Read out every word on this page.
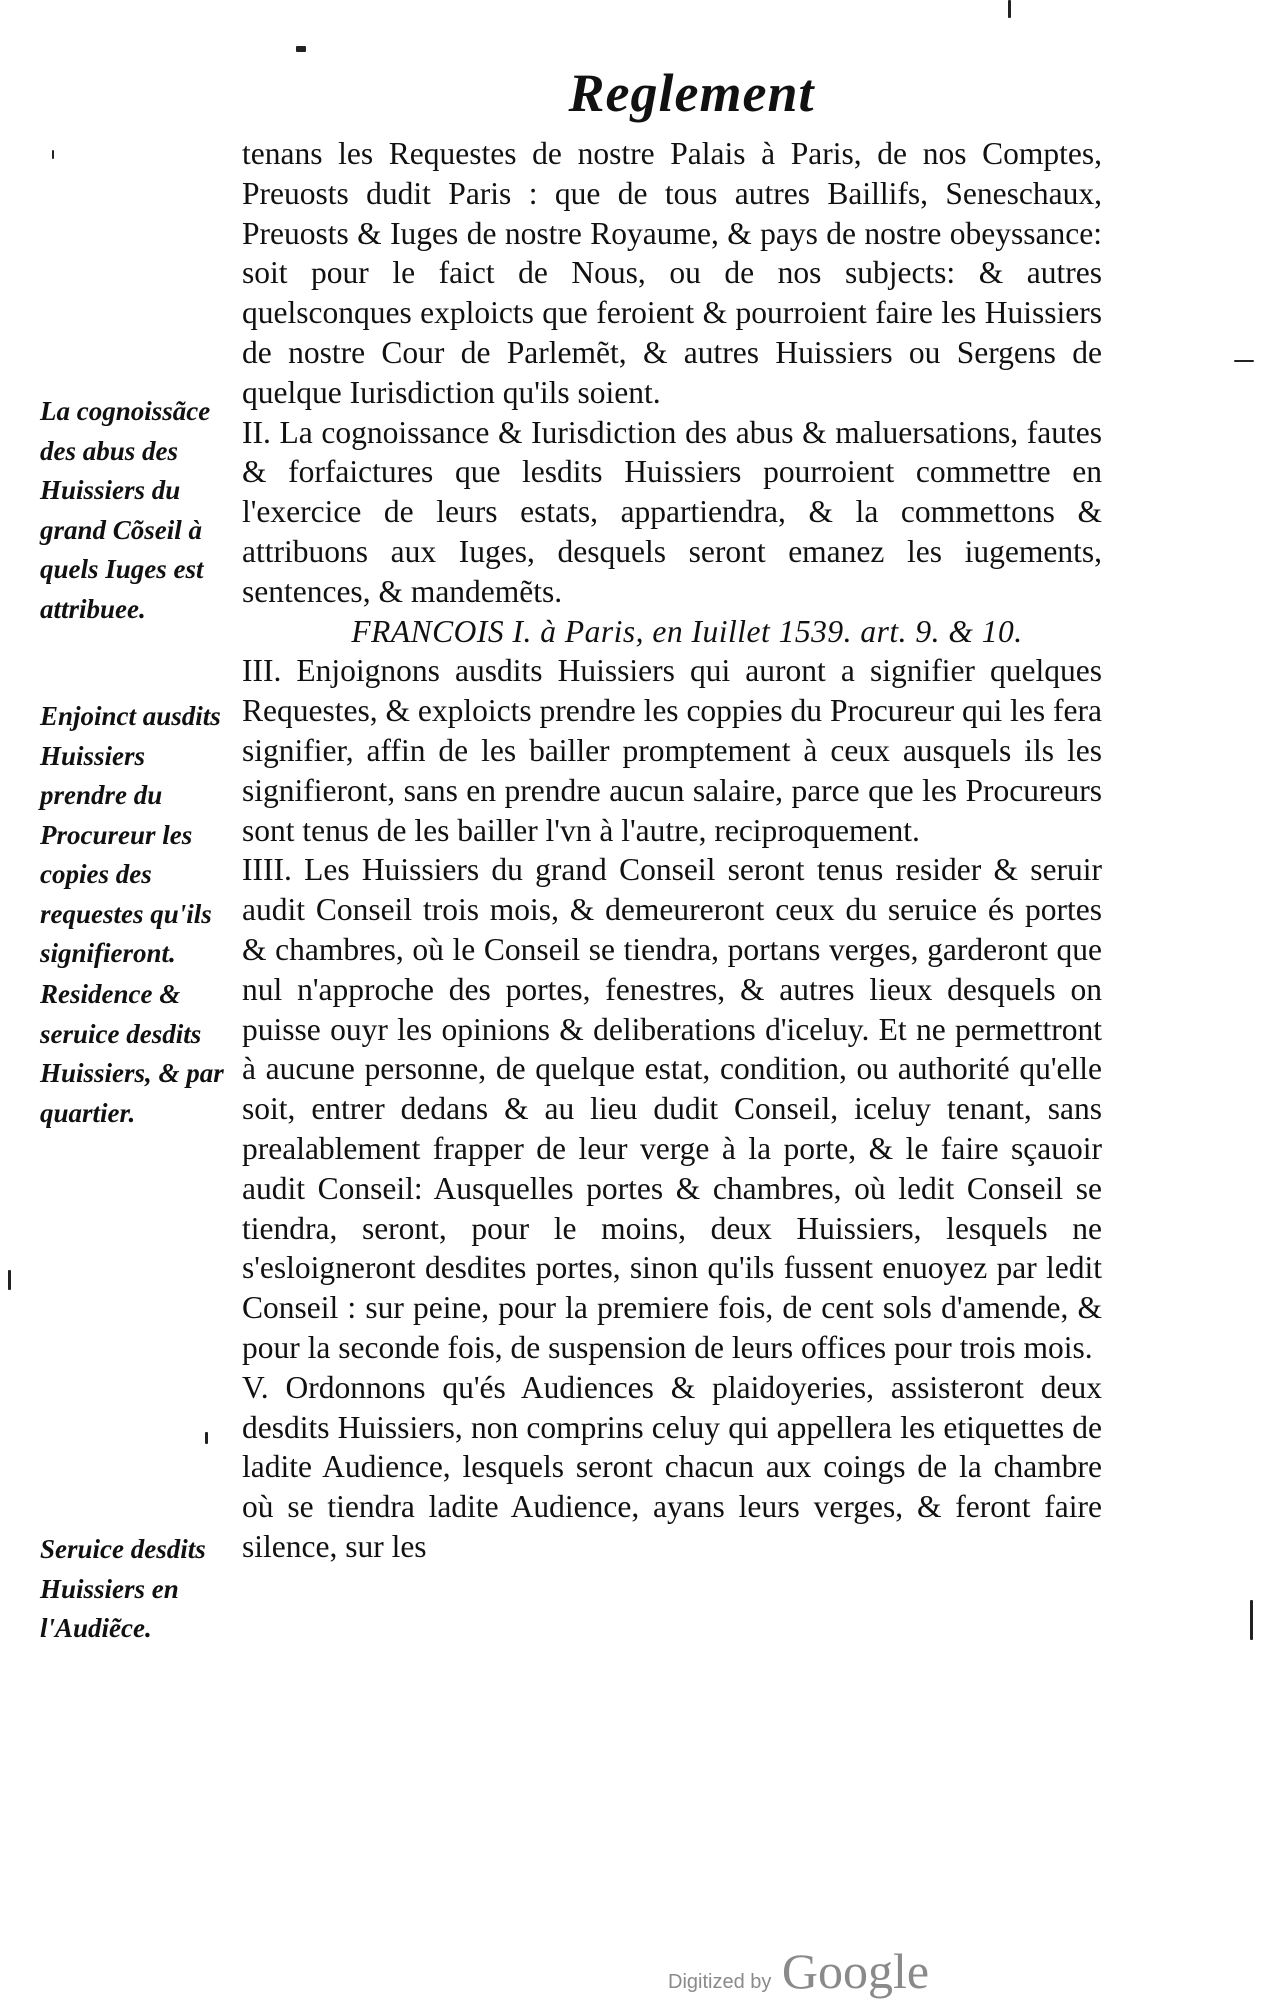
Reglement

tenans les Requestes de nostre Palais à Paris, de nos Comptes, Preuosts dudit Paris : que de tous autres Baillifs, Seneschaux, Preuosts & Iuges de nostre Royaume, & pays de nostre obeyssance: soit pour le faict de Nous, ou de nos subjects: & autres quelsconques exploicts que feroient & pourroient faire les Huissiers de nostre Cour de Parlemẽt, & autres Huissiers ou Sergens de quelque Iurisdiction qu'ils soient.

II. La cognoissance & Iurisdiction des abus & maluersations, fautes & forfaictures que lesdits Huissiers pourroient commettre en l'exercice de leurs estats, appartiendra, & la commettons & attribuons aux Iuges, desquels seront emanez les iugements, sentences, & mandemẽts.

FRANCOIS I. à Paris, en Iuillet 1539. art. 9. & 10.

III. Enjoignons ausdits Huissiers qui auront a signifier quelques Requestes, & exploicts prendre les coppies du Procureur qui les fera signifier, affin de les bailler promptement à ceux ausquels ils les signifieront, sans en prendre aucun salaire, parce que les Procureurs sont tenus de les bailler l'vn à l'autre, reciproquement.

IIII. Les Huissiers du grand Conseil seront tenus resider & seruir audit Conseil trois mois, & demeureront ceux du seruice és portes & chambres, où le Conseil se tiendra, portans verges, garderont que nul n'approche des portes, fenestres, & autres lieux desquels on puisse ouyr les opinions & deliberations d'iceluy. Et ne permettront à aucune personne, de quelque estat, condition, ou authorité qu'elle soit, entrer dedans & au lieu dudit Conseil, iceluy tenant, sans prealablement frapper de leur verge à la porte, & le faire sçauoir audit Conseil: Ausquelles portes & chambres, où ledit Conseil se tiendra, seront, pour le moins, deux Huissiers, lesquels ne s'esloigneront desdites portes, sinon qu'ils fussent enuoyez par ledit Conseil : sur peine, pour la premiere fois, de cent sols d'amende, & pour la seconde fois, de suspension de leurs offices pour trois mois.

V. Ordonnons qu'és Audiences & plaidoyeries, assisteront deux desdits Huissiers, non comprins celuy qui appellera les etiquettes de ladite Audience, lesquels seront chacun aux coings de la chambre où se tiendra ladite Audience, ayans leurs verges, & feront faire silence, sur les

La cognoissãce des abus des Huissiers du grand Cõseil à quels Iuges est attribuee.
Enjoinct ausdits Huissiers prendre du Procureur les copies des requestes qu'ils signifieront.
Residence & seruice desdits Huissiers, & par quartier.
Seruice desdits Huissiers en l'Audiẽce.
Digitized by Google
